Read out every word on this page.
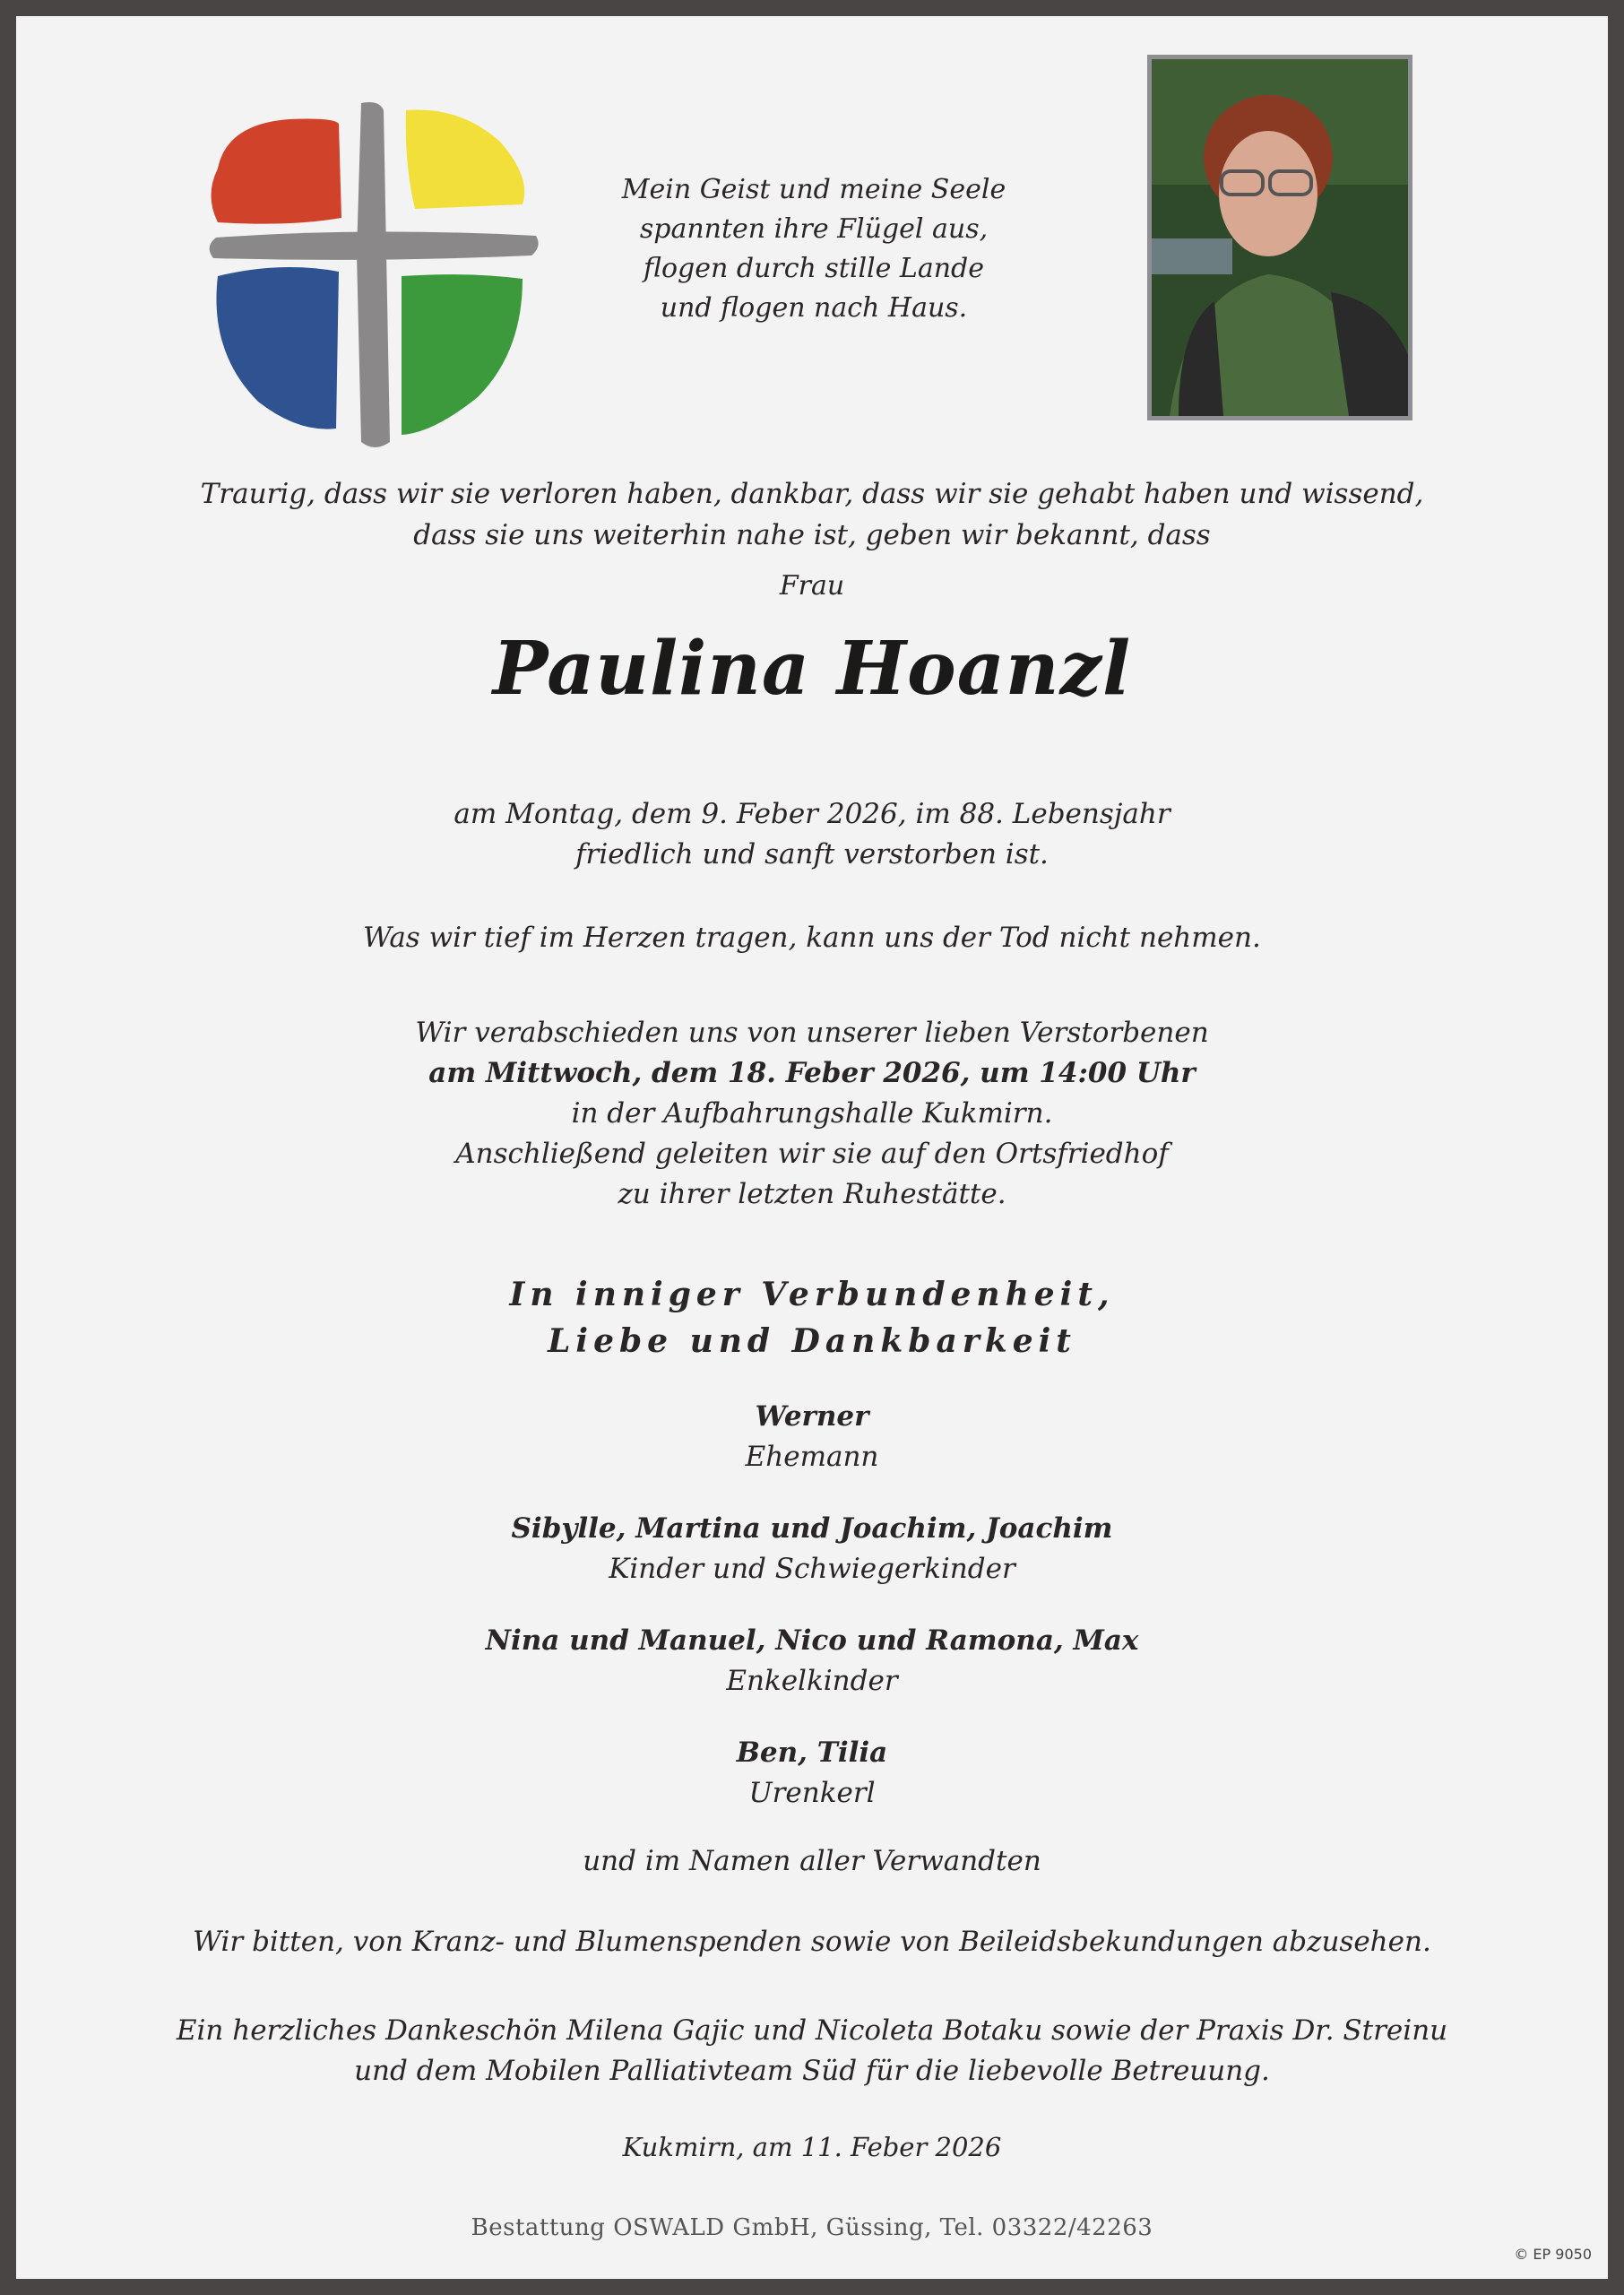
Mein Geist und meine Seele
spannten ihre Flügel aus,
flogen durch stille Lande
und flogen nach Haus.
Traurig, dass wir sie verloren haben, dankbar, dass wir sie gehabt haben und wissend,
dass sie uns weiterhin nahe ist, geben wir bekannt, dass
Frau
Paulina Hoanzl
am Montag, dem 9. Feber 2026, im 88. Lebensjahr
friedlich und sanft verstorben ist.
Was wir tief im Herzen tragen, kann uns der Tod nicht nehmen.
Wir verabschieden uns von unserer lieben Verstorbenen
am Mittwoch, dem 18. Feber 2026, um 14:00 Uhr
in der Aufbahrungshalle Kukmirn.
Anschließend geleiten wir sie auf den Ortsfriedhof
zu ihrer letzten Ruhestätte.
In inniger Verbundenheit,
Liebe und Dankbarkeit
Werner
Ehemann
Sibylle, Martina und Joachim, Joachim
Kinder und Schwiegerkinder
Nina und Manuel, Nico und Ramona, Max
Enkelkinder
Ben, Tilia
Urenkerl
und im Namen aller Verwandten
Wir bitten, von Kranz- und Blumenspenden sowie von Beileidsbekundungen abzusehen.
Ein herzliches Dankeschön Milena Gajic und Nicoleta Botaku sowie der Praxis Dr. Streinu
und dem Mobilen Palliativteam Süd für die liebevolle Betreuung.
Kukmirn, am 11. Feber 2026
Bestattung OSWALD GmbH, Güssing, Tel. 03322/42263
© EP 9050
